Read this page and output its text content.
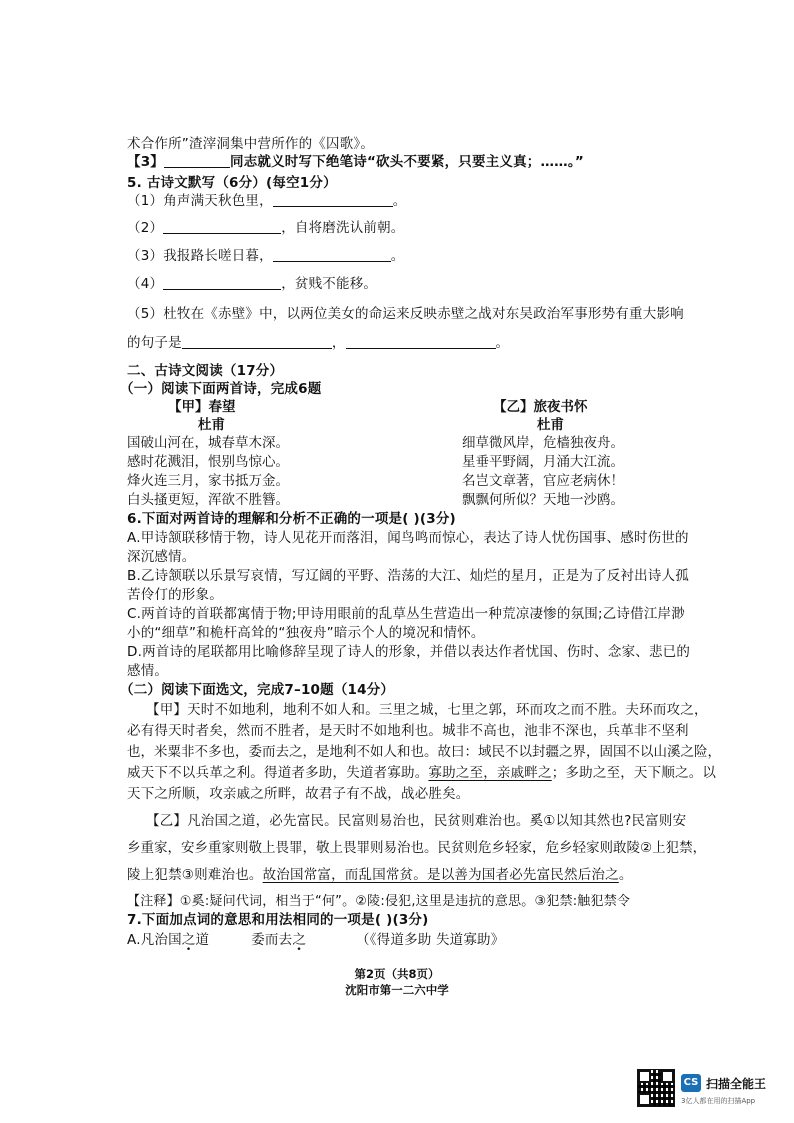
术合作所”渣滓洞集中营所作的《囚歌》。
【3】	同志就义时写下绝笔诗“砍头不要紧，只要主义真；……。”
5. 古诗文默写（6分）(每空1分）
（1）角声满天秋色里，	。
（2）	，自将磨洗认前朝。
（3）我报路长嗟日暮，	。
（4）	，贫贱不能移。
（5）杜牧在《赤壁》中，以两位美女的命运来反映赤壁之战对东吴政治军事形势有重大影响
的句子是	，	。
二、古诗文阅读（17分）
（一）阅读下面两首诗，完成6题
【甲】春望
杜甫
国破山河在，城春草木深。
感时花溅泪，恨别鸟惊心。
烽火连三月，家书抵万金。
白头搔更短，浑欲不胜簪。
【乙】旅夜书怀
杜甫
细草微风岸，危樯独夜舟。
星垂平野阔，月涌大江流。
名岂文章著，官应老病休！
飘飘何所似？天地一沙鸥。
6.下面对两首诗的理解和分析不正确的一项是( )(3分)
A.甲诗颔联移情于物，诗人见花开而落泪，闻鸟鸣而惊心，表达了诗人忧伤国事、感时伤世的
深沉感情。
B.乙诗颔联以乐景写哀情，写辽阔的平野、浩荡的大江、灿烂的星月，正是为了反衬出诗人孤
苦伶仃的形象。
C.两首诗的首联都寓情于物;甲诗用眼前的乱草丛生营造出一种荒凉凄惨的氛围;乙诗借江岸渺
小的“细草”和桅杆高耸的“独夜舟”暗示个人的境况和情怀。
D.两首诗的尾联都用比喻修辞呈现了诗人的形象，并借以表达作者忧国、伤时、念家、悲已的
感情。
（二）阅读下面选文，完成7–10题（14分）
【甲】天时不如地利，地利不如人和。三里之城，七里之郭，环而攻之而不胜。夫环而攻之，
必有得天时者矣，然而不胜者，是天时不如地利也。城非不高也，池非不深也，兵革非不坚利
也，米粟非不多也，委而去之，是地利不如人和也。故曰：域民不以封疆之界，固国不以山溪之险，
威天下不以兵革之利。得道者多助，失道者寡助。寡助之至，亲戚畔之；多助之至，天下顺之。以
天下之所顺，攻亲戚之所畔，故君子有不战，战必胜矣。
【乙】凡治国之道，必先富民。民富则易治也，民贫则难治也。奚①以知其然也?民富则安
乡重家，安乡重家则敬上畏罪，敬上畏罪则易治也。民贫则危乡轻家，危乡轻家则敢陵②上犯禁，
陵上犯禁③则难治也。故治国常富，而乱国常贫。是以善为国者必先富民然后治之。
【注释】①奚:疑问代词，相当于“何”。②陵:侵犯,这里是违抗的意思。③犯禁:触犯禁令
7.下面加点词的意思和用法相同的一项是( )(3分)
A.凡治国之道	委而去之	（《得道多助 失道寡助》
第2页（共8页）
沈阳市第一二六中学
CS 扫描全能王
3亿人都在用的扫描App
